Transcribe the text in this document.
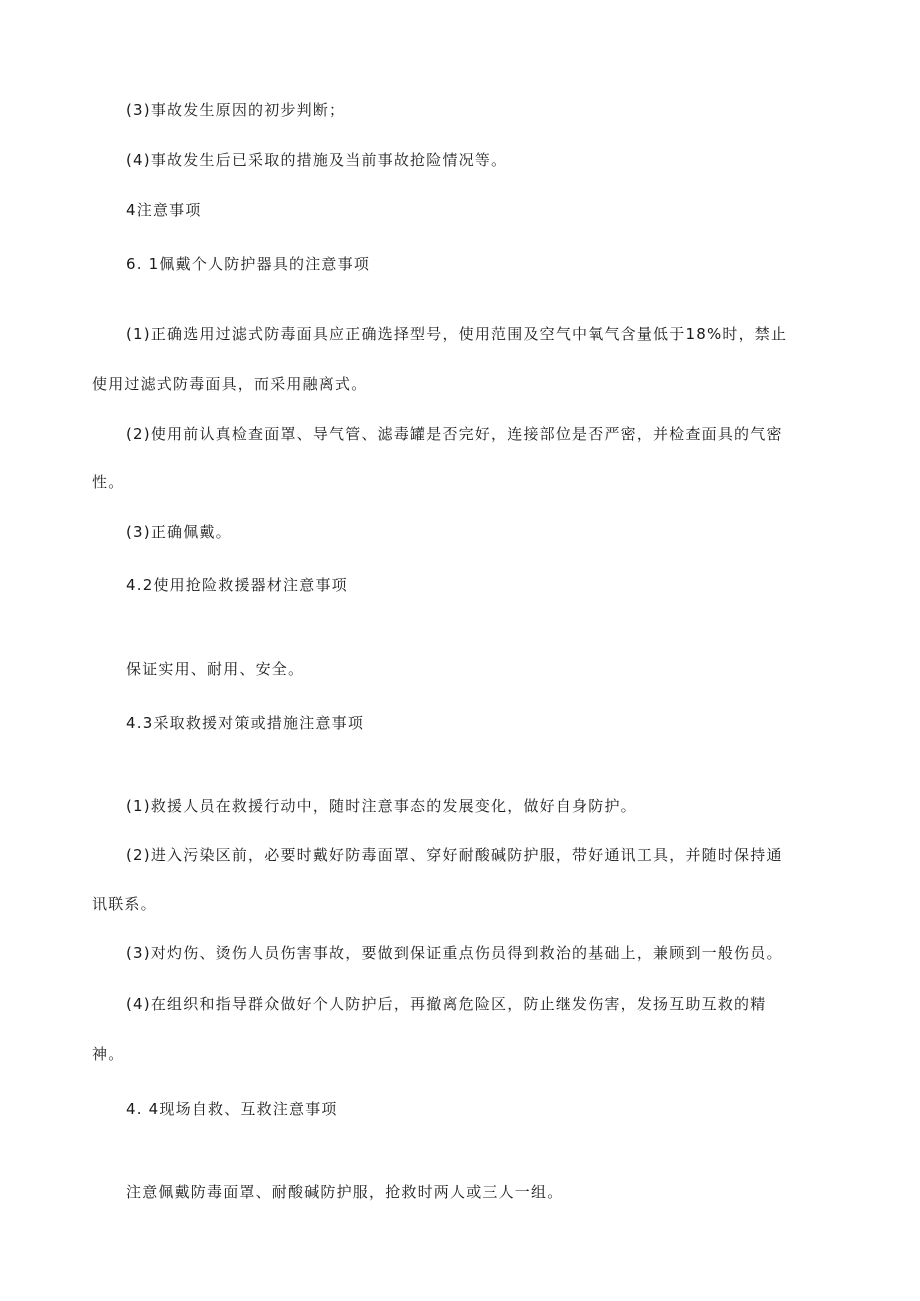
(3)事故发生原因的初步判断；
(4)事故发生后已采取的措施及当前事故抢险情况等。
4注意事项
6. 1佩戴个人防护器具的注意事项
(1)正确选用过滤式防毒面具应正确选择型号，使用范围及空气中氧气含量低于18%时，禁止
使用过滤式防毒面具，而采用融离式。
(2)使用前认真检查面罩、导气管、滤毒罐是否完好，连接部位是否严密，并检查面具的气密
性。
(3)正确佩戴。
4.2使用抢险救援器材注意事项
保证实用、耐用、安全。
4.3采取救援对策或措施注意事项
(1)救援人员在救援行动中，随时注意事态的发展变化，做好自身防护。
(2)进入污染区前，必要时戴好防毒面罩、穿好耐酸碱防护服，带好通讯工具，并随时保持通
讯联系。
(3)对灼伤、烫伤人员伤害事故，要做到保证重点伤员得到救治的基础上，兼顾到一般伤员。
(4)在组织和指导群众做好个人防护后，再撤离危险区，防止继发伤害，发扬互助互救的精
神。
4. 4现场自救、互救注意事项
注意佩戴防毒面罩、耐酸碱防护服，抢救时两人或三人一组。
